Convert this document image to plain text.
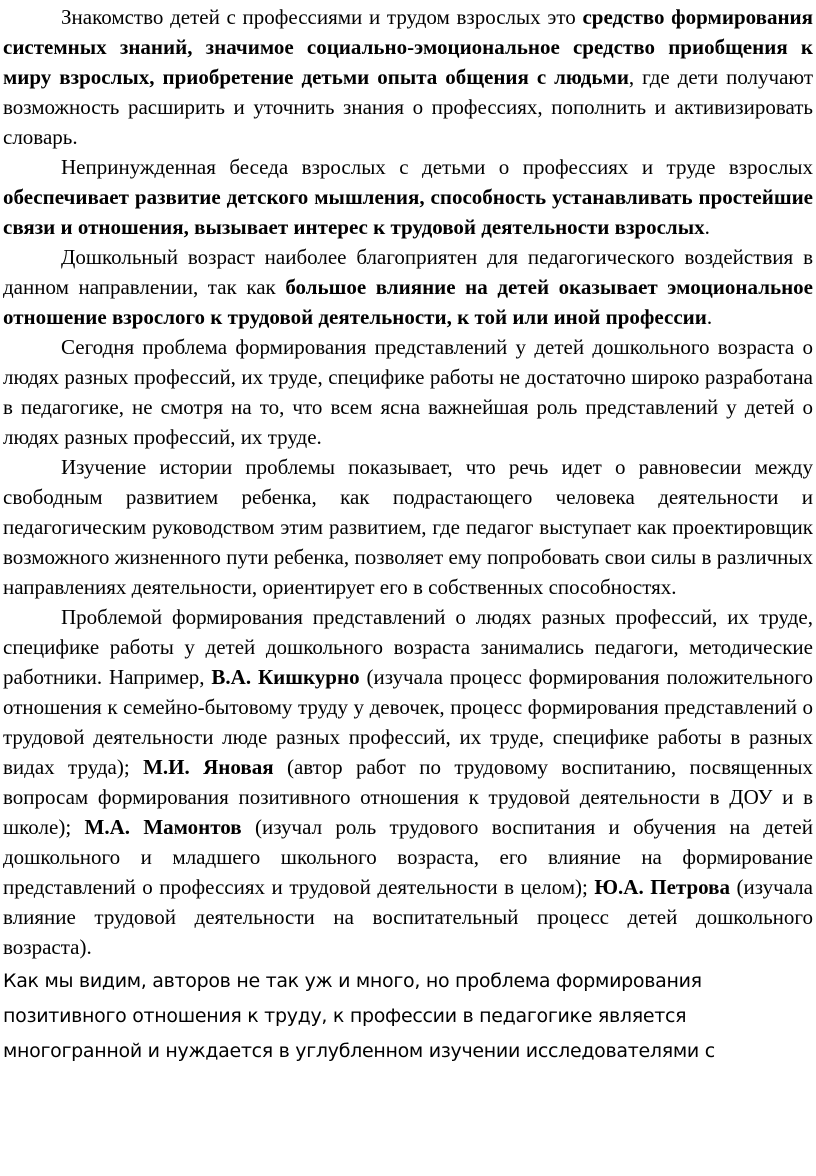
Знакомство детей с профессиями и трудом взрослых это средство формирования системных знаний, значимое социально-эмоциональное средство приобщения к миру взрослых, приобретение детьми опыта общения с людьми, где дети получают возможность расширить и уточнить знания о профессиях, пополнить и активизировать словарь.

Непринужденная беседа взрослых с детьми о профессиях и труде взрослых обеспечивает развитие детского мышления, способность устанавливать простейшие связи и отношения, вызывает интерес к трудовой деятельности взрослых.

Дошкольный возраст наиболее благоприятен для педагогического воздействия в данном направлении, так как большое влияние на детей оказывает эмоциональное отношение взрослого к трудовой деятельности, к той или иной профессии.

Сегодня проблема формирования представлений у детей дошкольного возраста о людях разных профессий, их труде, специфике работы не достаточно широко разработана в педагогике, не смотря на то, что всем ясна важнейшая роль представлений у детей о людях разных профессий, их труде.

Изучение истории проблемы показывает, что речь идет о равновесии между свободным развитием ребенка, как подрастающего человека деятельности и педагогическим руководством этим развитием, где педагог выступает как проектировщик возможного жизненного пути ребенка, позволяет ему попробовать свои силы в различных направлениях деятельности, ориентирует его в собственных способностях.

Проблемой формирования представлений о людях разных профессий, их труде, специфике работы у детей дошкольного возраста занимались педагоги, методические работники. Например, В.А. Кишкурно (изучала процесс формирования положительного отношения к семейно-бытовому труду у девочек, процесс формирования представлений о трудовой деятельности люде разных профессий, их труде, специфике работы в разных видах труда); М.И. Яновая (автор работ по трудовому воспитанию, посвященных вопросам формирования позитивного отношения к трудовой деятельности в ДОУ и в школе); М.А. Мамонтов (изучал роль трудового воспитания и обучения на детей дошкольного и младшего школьного возраста, его влияние на формирование представлений о профессиях и трудовой деятельности в целом); Ю.А. Петрова (изучала влияние трудовой деятельности на воспитательный процесс детей дошкольного возраста).

Как мы видим, авторов не так уж и много, но проблема формирования позитивного отношения к труду, к профессии в педагогике является многогранной и нуждается в углубленном изучении исследователями с
